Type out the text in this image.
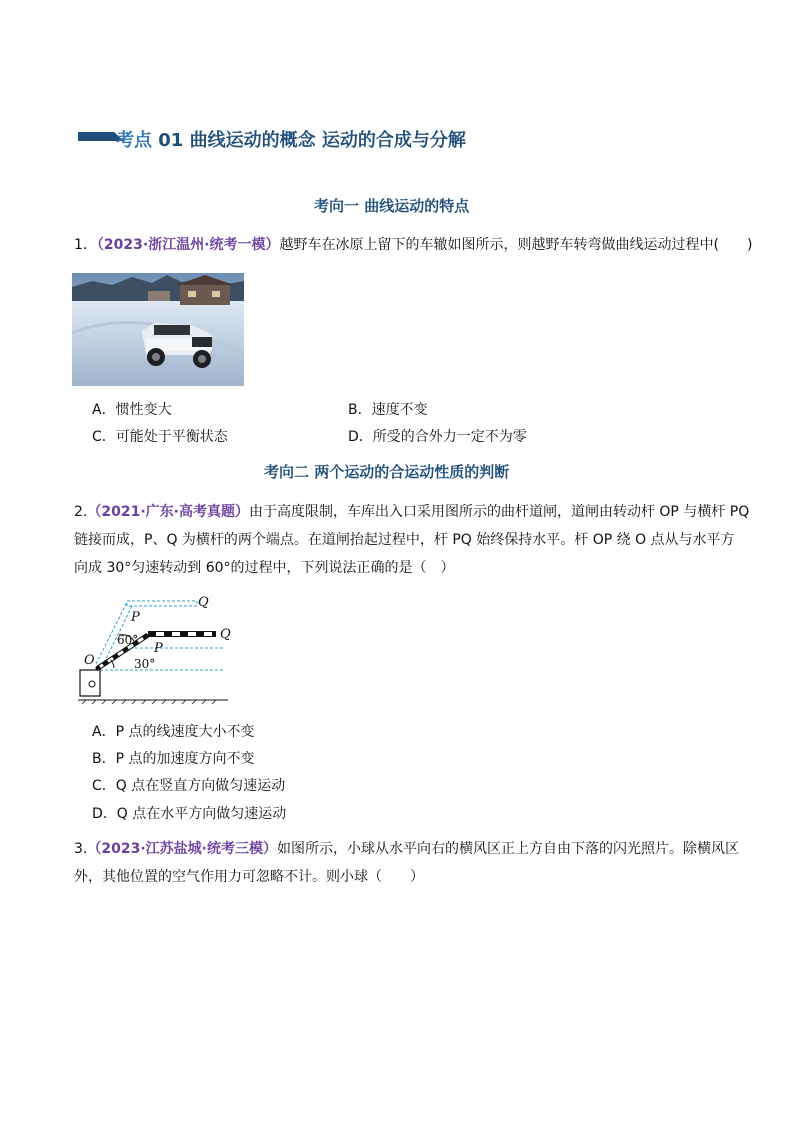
考点 01 曲线运动的概念 运动的合成与分解
考向一 曲线运动的特点
1．（2023·浙江温州·统考一模）越野车在冰原上留下的车辙如图所示，则越野车转弯做曲线运动过程中(　　)
A．惯性变大	B．速度不变
C．可能处于平衡状态	D．所受的合外力一定不为零
考向二 两个运动的合运动性质的判断
2.（2021·广东·高考真题）由于高度限制，车库出入口采用图所示的曲杆道闸，道闸由转动杆 OP 与横杆 PQ
链接而成，P、Q 为横杆的两个端点。在道闸抬起过程中，杆 PQ 始终保持水平。杆 OP 绕 O 点从与水平方
向成 30°匀速转动到 60°的过程中，下列说法正确的是（　）
O
P
Q
P
Q
60°
30°
A．P 点的线速度大小不变
B．P 点的加速度方向不变
C．Q 点在竖直方向做匀速运动
D．Q 点在水平方向做匀速运动
3.（2023·江苏盐城·统考三模）如图所示，小球从水平向右的横风区正上方自由下落的闪光照片。除横风区
外，其他位置的空气作用力可忽略不计。则小球（　　）
